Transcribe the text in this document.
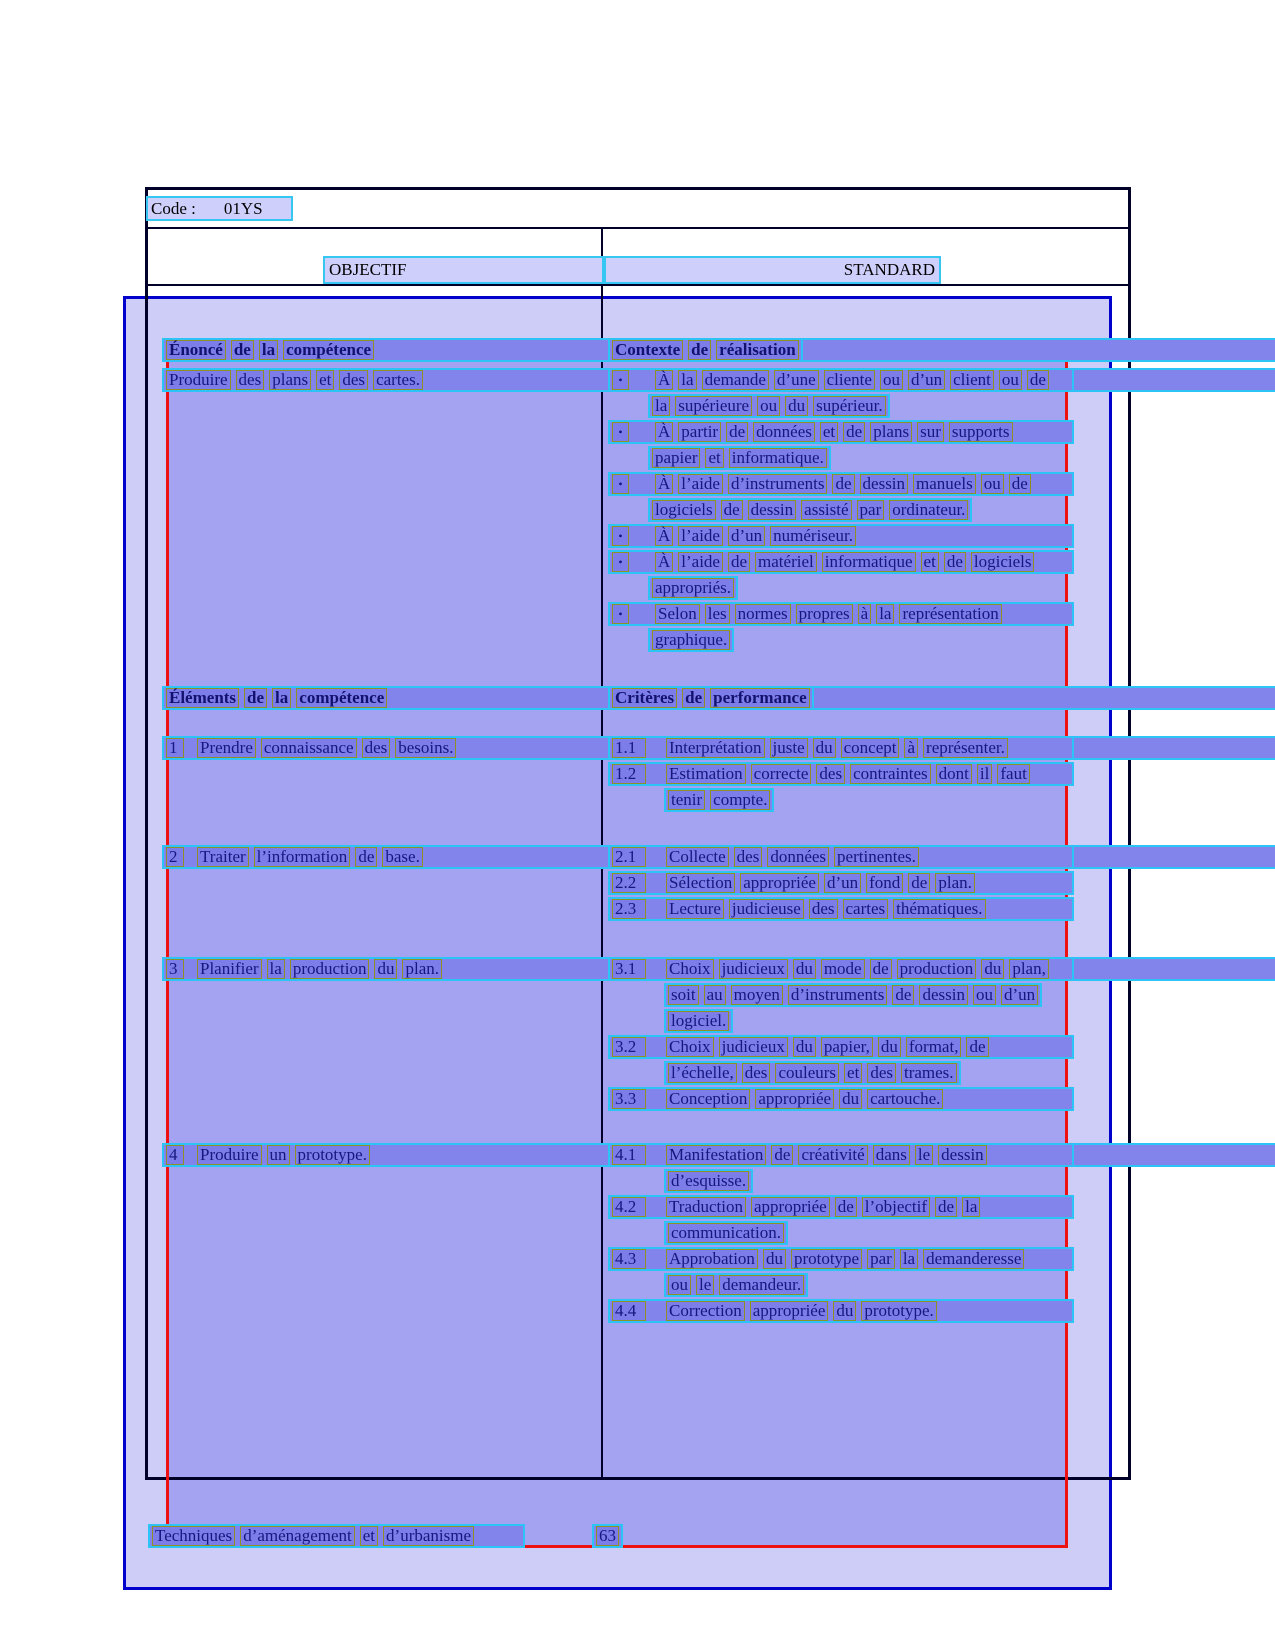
Code : 01YS
OBJECTIF	STANDARD
Énoncé de la compétence	Contexte de réalisation
Produire des plans et des cartes.	•	À la demande d’une cliente ou d’un client ou de
la supérieure ou du supérieur.
•	À partir de données et de plans sur supports
papier et informatique.
•	À l’aide d’instruments de dessin manuels ou de
logiciels de dessin assisté par ordinateur.
•	À l’aide d’un numériseur.
•	À l’aide de matériel informatique et de logiciels
appropriés.
•	Selon les normes propres à la représentation
graphique.
Éléments de la compétence	Critères de performance
1	Prendre connaissance des besoins.	1.1	Interprétation juste du concept à représenter.
1.2	Estimation correcte des contraintes dont il faut
tenir compte.
2	Traiter l’information de base.	2.1	Collecte des données pertinentes.
2.2	Sélection appropriée d’un fond de plan.
2.3	Lecture judicieuse des cartes thématiques.
3	Planifier la production du plan.	3.1	Choix judicieux du mode de production du plan,
soit au moyen d’instruments de dessin ou d’un
logiciel.
3.2	Choix judicieux du papier, du format, de
l’échelle, des couleurs et des trames.
3.3	Conception appropriée du cartouche.
4	Produire un prototype.	4.1	Manifestation de créativité dans le dessin
d’esquisse.
4.2	Traduction appropriée de l’objectif de la
communication.
4.3	Approbation du prototype par la demanderesse
ou le demandeur.
4.4	Correction appropriée du prototype.
Techniques d’aménagement et d’urbanisme	63
